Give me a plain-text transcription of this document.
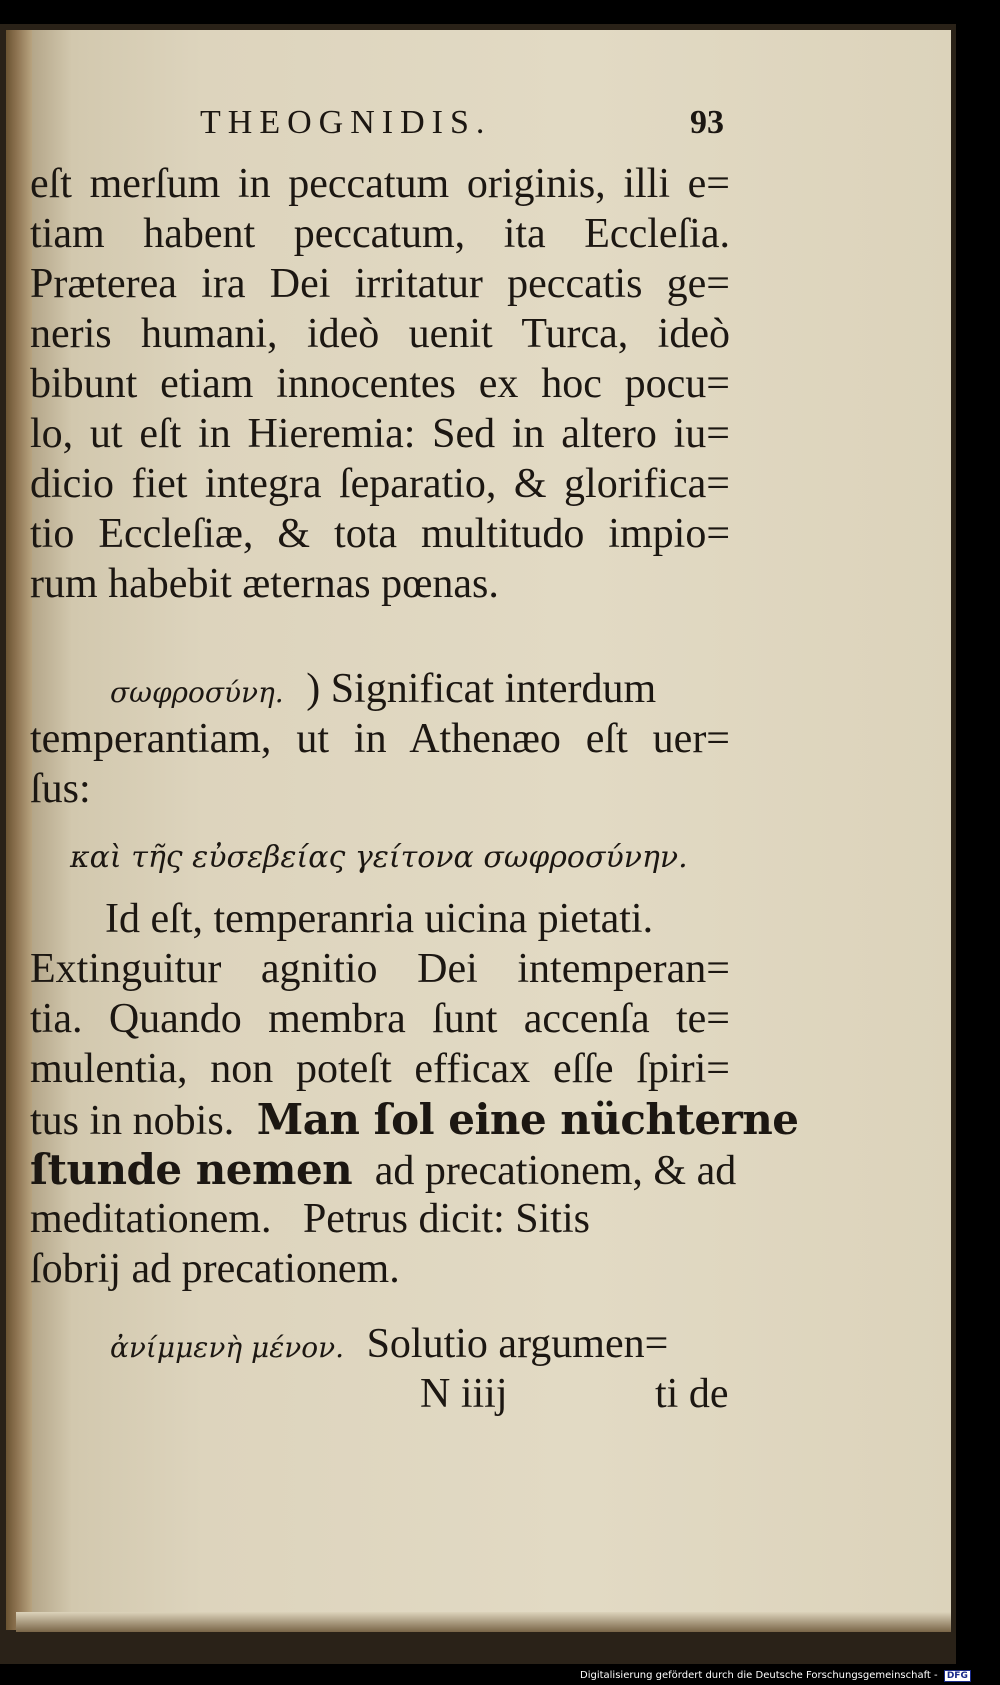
THEOGNIDIS.	93
eſt merſum in peccatum originis, illi e=
tiam habent peccatum, ita Eccleſia.
Præterea ira Dei irritatur peccatis ge=
neris humani, ideò uenit Turca, ideò
bibunt etiam innocentes ex hoc pocu=
lo, ut eſt in Hieremia: Sed in altero iu=
dicio fiet integra ſeparatio, & glorifica=
tio Eccleſiæ, & tota multitudo impio=
rum habebit æternas pœnas.
σωφροσύνη. ) Significat interdum
temperantiam, ut in Athenæo eſt uer=
ſus:
καὶ τῆς εὐσεβείας γείτονα σωφροσύνην.
Id eſt, temperanria uicina pietati.
Extinguitur agnitio Dei intemperan=
tia. Quando membra ſunt accenſa te=
mulentia, non poteſt efficax eſſe ſpiri=
tus in nobis. Man ſol eine nüchterne
ſtunde nemen ad precationem, & ad
meditationem.   Petrus dicit: Sitis
ſobrij ad precationem.
ἀνίμμενὴ μένον. Solutio argumen=
N iiij	ti de
Digitalisierung gefördert durch die Deutsche Forschungsgemeinschaft - DFG
